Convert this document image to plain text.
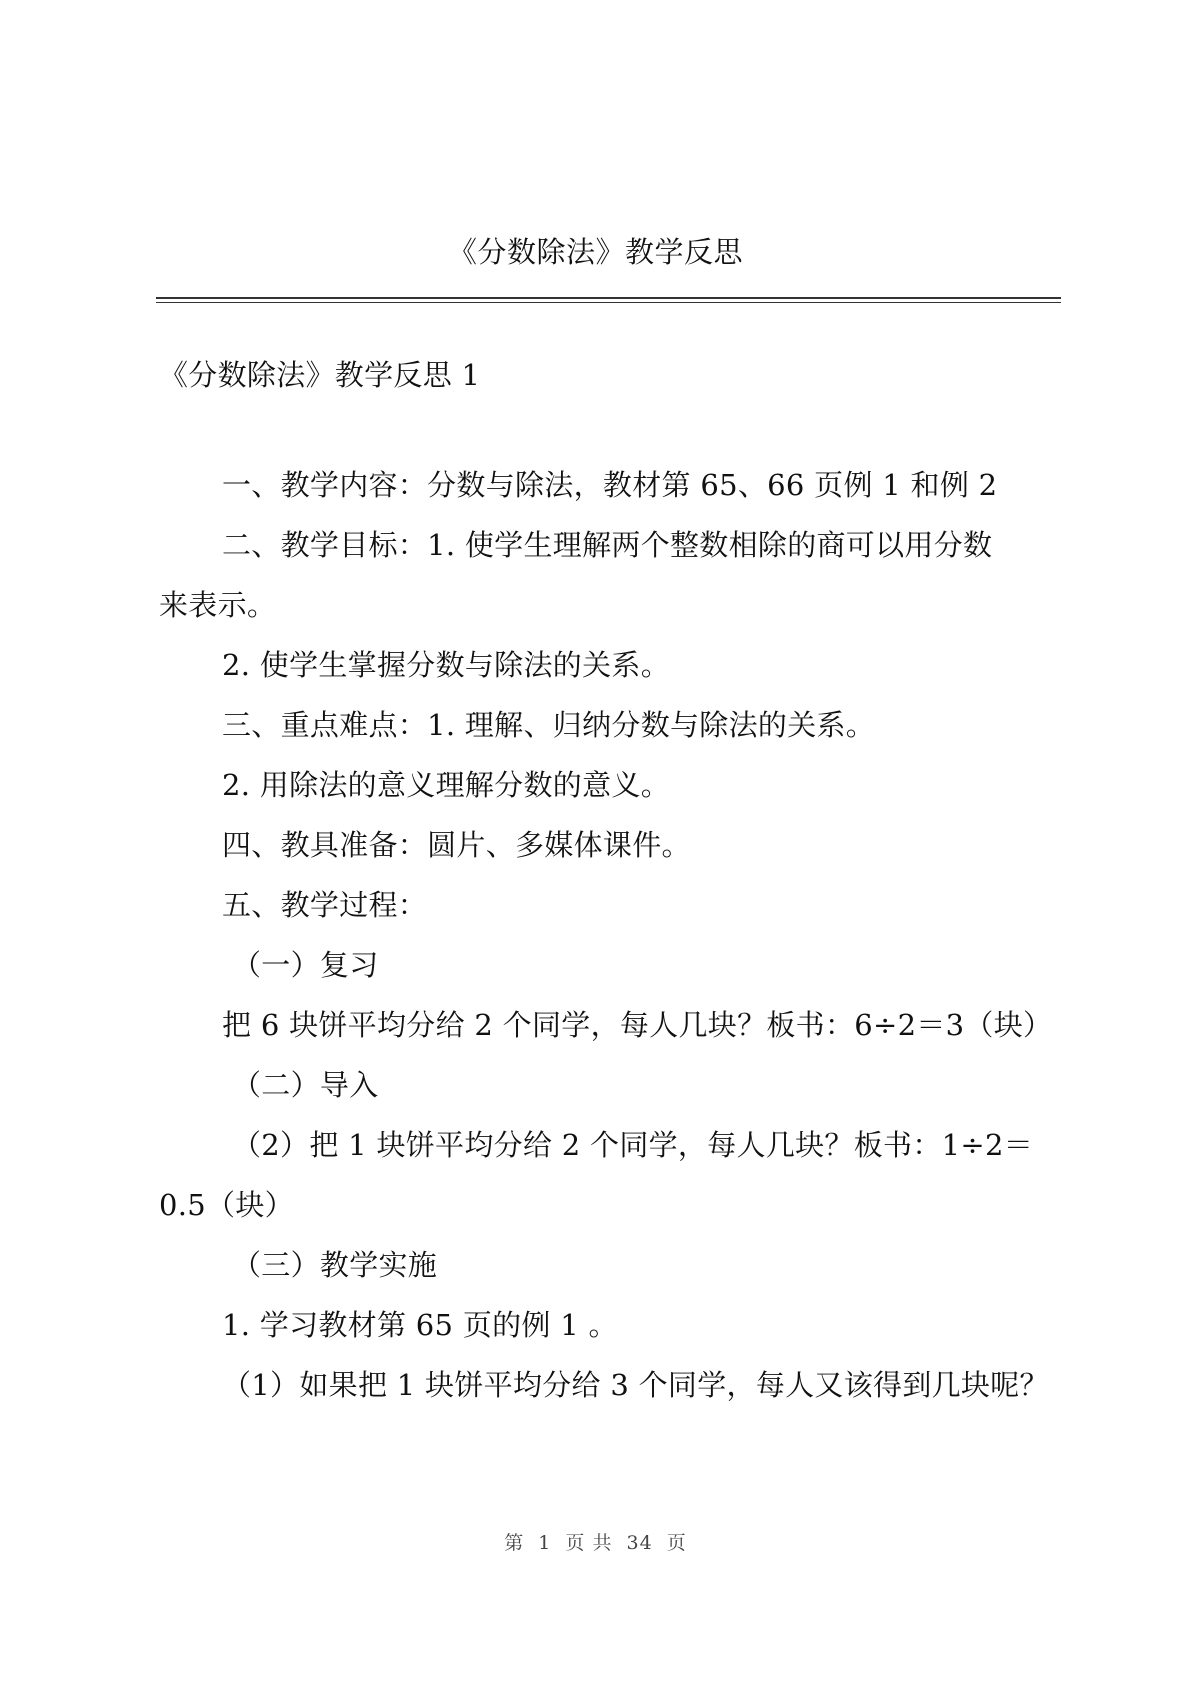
《分数除法》教学反思
《分数除法》教学反思 1
一、教学内容：分数与除法，教材第 65、66 页例 1 和例 2
二、教学目标：1. 使学生理解两个整数相除的商可以用分数
来表示。
2. 使学生掌握分数与除法的关系。
三、重点难点：1. 理解、归纳分数与除法的关系。
2. 用除法的意义理解分数的意义。
四、教具准备：圆片、多媒体课件。
五、教学过程：
（一）复习
把 6 块饼平均分给 2 个同学，每人几块？板书：6÷2＝3（块）
（二）导入
（2）把 1 块饼平均分给 2 个同学，每人几块？板书：1÷2＝
0.5（块）
（三）教学实施
1. 学习教材第 65 页的例 1 。
（1）如果把 1 块饼平均分给 3 个同学，每人又该得到几块呢？
第  1  页 共  34  页
